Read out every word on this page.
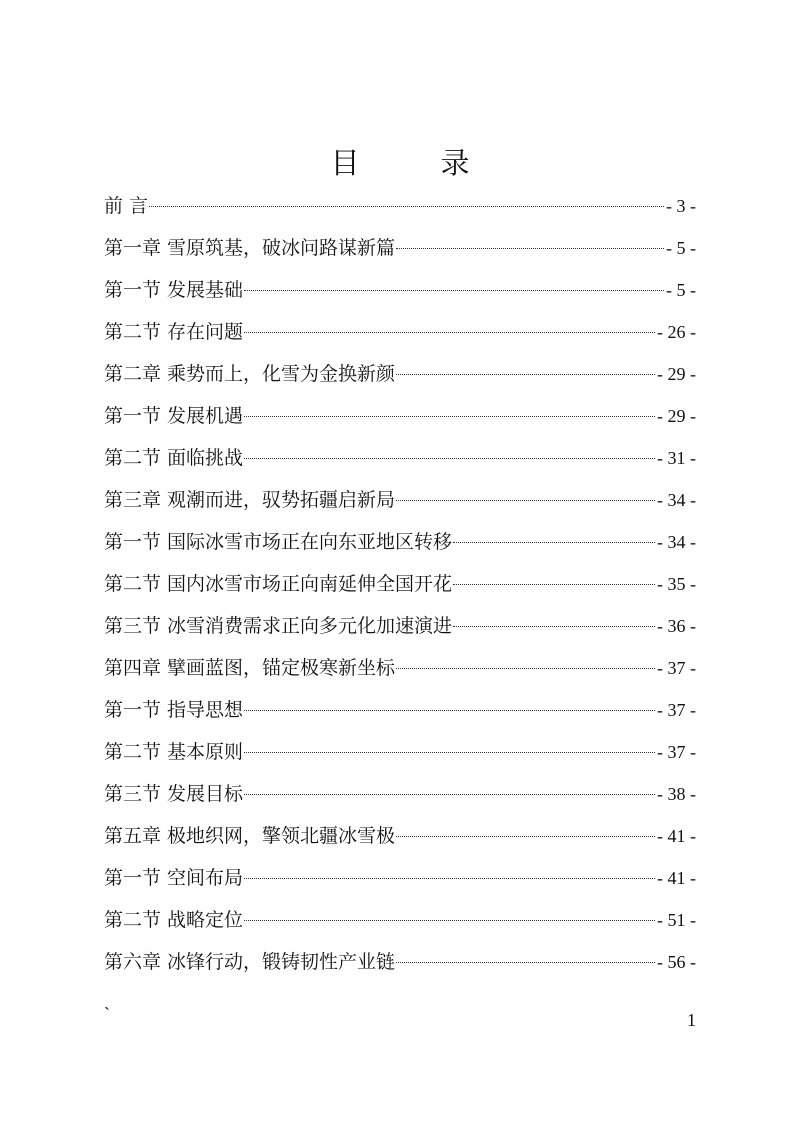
目　录
前 言	- 3 -
第一章 雪原筑基，破冰问路谋新篇	- 5 -
第一节 发展基础	- 5 -
第二节 存在问题	- 26 -
第二章 乘势而上，化雪为金换新颜	- 29 -
第一节 发展机遇	- 29 -
第二节 面临挑战	- 31 -
第三章 观潮而进，驭势拓疆启新局	- 34 -
第一节 国际冰雪市场正在向东亚地区转移	- 34 -
第二节 国内冰雪市场正向南延伸全国开花	- 35 -
第三节 冰雪消费需求正向多元化加速演进	- 36 -
第四章 擘画蓝图，锚定极寒新坐标	- 37 -
第一节 指导思想	- 37 -
第二节 基本原则	- 37 -
第三节 发展目标	- 38 -
第五章 极地织网，擎领北疆冰雪极	- 41 -
第一节 空间布局	- 41 -
第二节 战略定位	- 51 -
第六章 冰锋行动，锻铸韧性产业链	- 56 -
`	1
